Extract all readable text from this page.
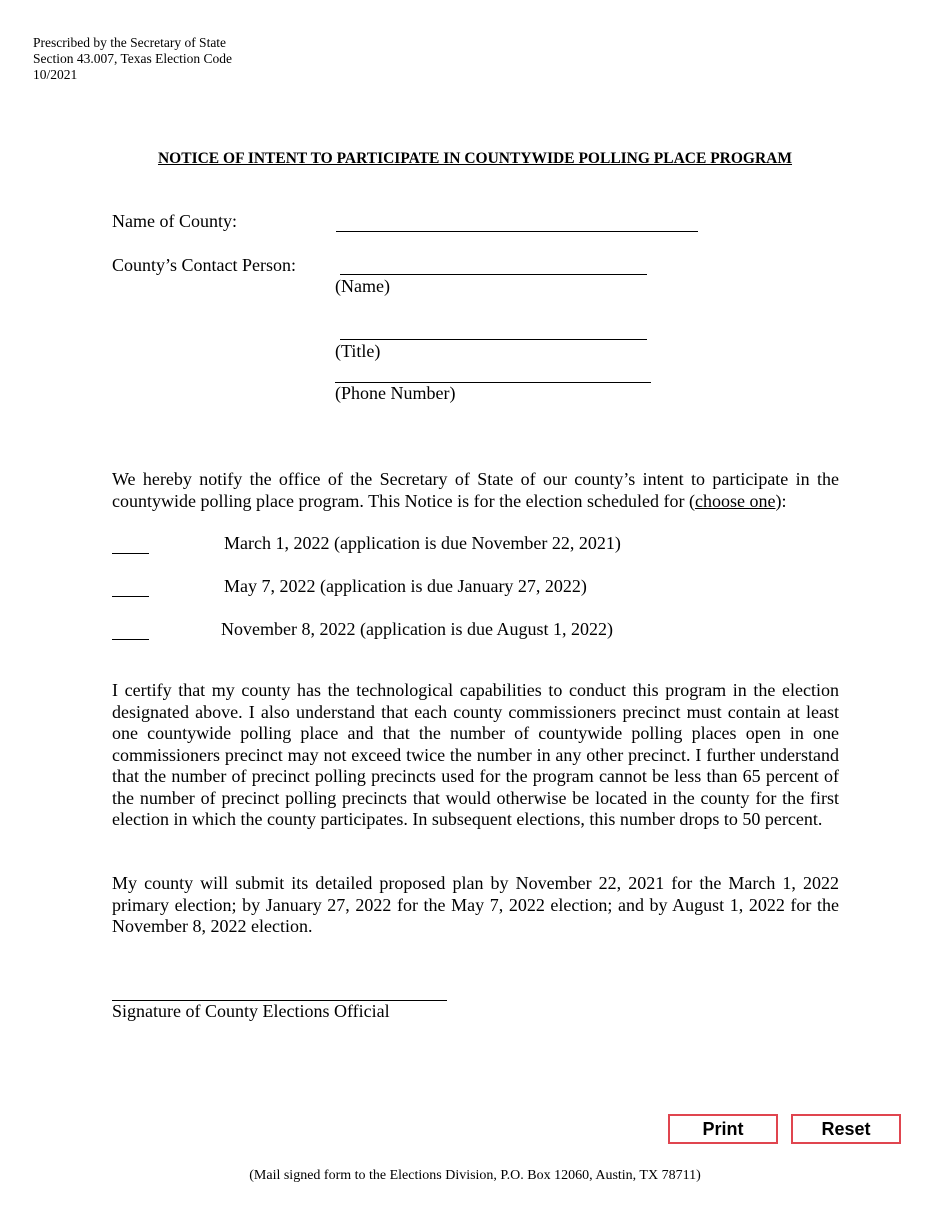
Prescribed by the Secretary of State
Section 43.007, Texas Election Code
10/2021
NOTICE OF INTENT TO PARTICIPATE IN COUNTYWIDE POLLING PLACE PROGRAM
Name of County:
County’s Contact Person:
(Name)
(Title)
(Phone Number)
We hereby notify the office of the Secretary of State of our county’s intent to participate in the countywide polling place program. This Notice is for the election scheduled for (choose one):
March 1, 2022 (application is due November 22, 2021)
May 7, 2022 (application is due January 27, 2022)
November 8, 2022 (application is due August 1, 2022)
I certify that my county has the technological capabilities to conduct this program in the election designated above. I also understand that each county commissioners precinct must contain at least one countywide polling place and that the number of countywide polling places open in one commissioners precinct may not exceed twice the number in any other precinct. I further understand that the number of precinct polling precincts used for the program cannot be less than 65 percent of the number of precinct polling precincts that would otherwise be located in the county for the first election in which the county participates. In subsequent elections, this number drops to 50 percent.
My county will submit its detailed proposed plan by November 22, 2021 for the March 1, 2022 primary election; by January 27, 2022 for the May 7, 2022 election; and by August 1, 2022 for the November 8, 2022 election.
Signature of County Elections Official
Print	Reset
(Mail signed form to the Elections Division, P.O. Box 12060, Austin, TX 78711)
